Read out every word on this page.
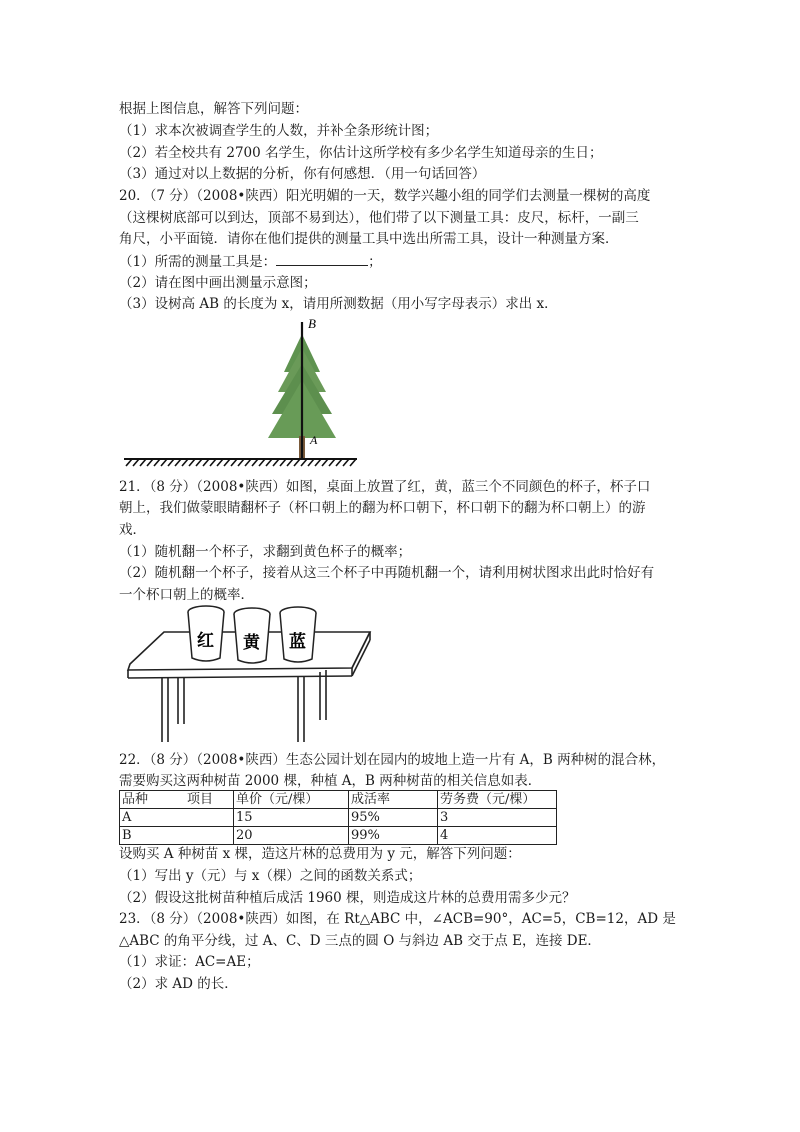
根据上图信息，解答下列问题：
（1）求本次被调查学生的人数，并补全条形统计图；
（2）若全校共有 2700 名学生，你估计这所学校有多少名学生知道母亲的生日；
（3）通过对以上数据的分析，你有何感想．（用一句话回答）
20．（7 分）（2008•陕西）阳光明媚的一天，数学兴趣小组的同学们去测量一棵树的高度
（这棵树底部可以到达，顶部不易到达），他们带了以下测量工具：皮尺，标杆，一副三
角尺，小平面镜．请你在他们提供的测量工具中选出所需工具，设计一种测量方案．
（1）所需的测量工具是：	；
（2）请在图中画出测量示意图；
（3）设树高 AB 的长度为 x，请用所测数据（用小写字母表示）求出 x．
B
A
21．（8 分）（2008•陕西）如图，桌面上放置了红，黄，蓝三个不同颜色的杯子，杯子口
朝上，我们做蒙眼睛翻杯子（杯口朝上的翻为杯口朝下，杯口朝下的翻为杯口朝上）的游
戏．
（1）随机翻一个杯子，求翻到黄色杯子的概率；
（2）随机翻一个杯子，接着从这三个杯子中再随机翻一个，请利用树状图求出此时恰好有
一个杯口朝上的概率．
红 黄 蓝
22．（8 分）（2008•陕西）生态公园计划在园内的坡地上造一片有 A，B 两种树的混合林，
需要购买这两种树苗 2000 棵，种植 A，B 两种树苗的相关信息如表．
品种　　　项目	单价（元/棵）	成活率	劳务费（元/棵）
A	15	95%	3
B	20	99%	4
设购买 A 种树苗 x 棵，造这片林的总费用为 y 元，解答下列问题：
（1）写出 y（元）与 x（棵）之间的函数关系式；
（2）假设这批树苗种植后成活 1960 棵，则造成这片林的总费用需多少元？
23．（8 分）（2008•陕西）如图，在 Rt△ABC 中，∠ACB=90°，AC=5，CB=12，AD 是
△ABC 的角平分线，过 A、C、D 三点的圆 O 与斜边 AB 交于点 E，连接 DE．
（1）求证：AC=AE；
（2）求 AD 的长．
